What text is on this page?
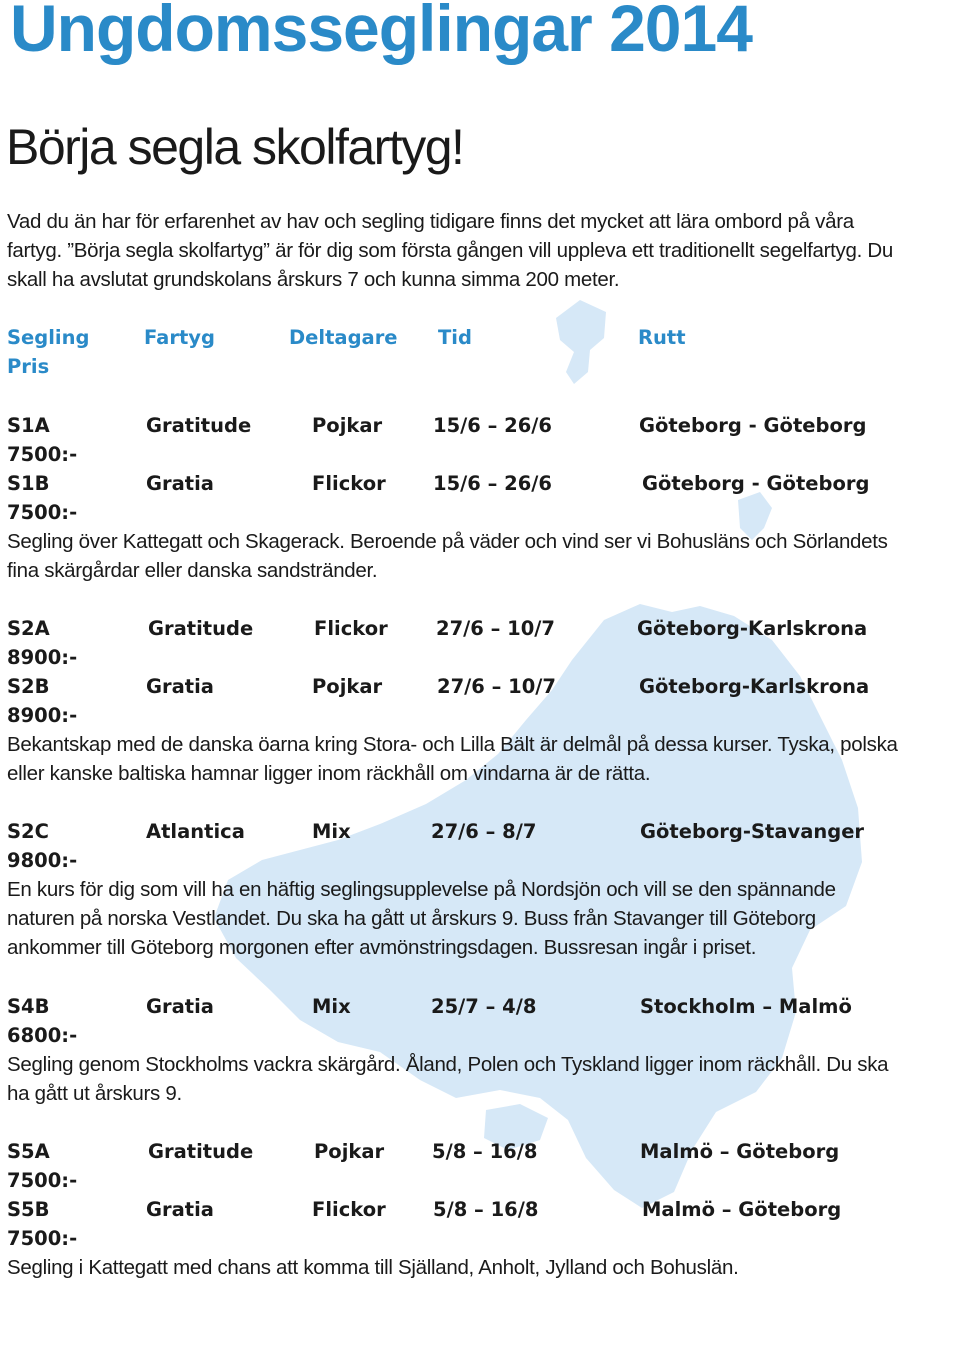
Ungdomsseglingar 2014
Börja segla skolfartyg!

Vad du än har för erfarenhet av hav och segling tidigare finns det mycket att lära ombord på våra fartyg. ”Börja segla skolfartyg” är för dig som första gången vill uppleva ett traditionellt segelfartyg. Du skall ha avslutat grundskolans årskurs 7 och kunna simma 200 meter.

Segling	Fartyg	Deltagare Tid	Rutt

Pris

S1A	Gratitude	Pojkar	15/6 – 26/6	Göteborg - Göteborg

7500:-

S1B	Gratia	Flickor 15/6 – 26/6	Göteborg - Göteborg

7500:-

Segling över Kattegatt och Skagerack. Beroende på väder och vind ser vi Bohusläns och Sörlandets fina skärgårdar eller danska sandstränder.

S2A	Gratitude	Flickor 27/6 – 10/7	Göteborg-Karlskrona

8900:-

S2B	Gratia	Pojkar	27/6 – 10/7	Göteborg-Karlskrona

8900:-

Bekantskap med de danska öarna kring Stora- och Lilla Bält är delmål på dessa kurser. Tyska, polska eller kanske baltiska hamnar ligger inom räckhåll om vindarna är de rätta.

S2C	Atlantica	Mix	27/6 – 8/7	Göteborg-Stavanger

9800:-

En kurs för dig som vill ha en häftig seglingsupplevelse på Nordsjön och vill se den spännande naturen på norska Vestlandet. Du ska ha gått ut årskurs 9. Buss från Stavanger till Göteborg ankommer till Göteborg morgonen efter avmönstringsdagen. Bussresan ingår i priset.

S4B	Gratia	Mix	25/7 – 4/8	Stockholm – Malmö

6800:-

Segling genom Stockholms vackra skärgård. Åland, Polen och Tyskland ligger inom räckhåll. Du ska ha gått ut årskurs 9.

S5A	Gratitude	Pojkar 5/8 – 16/8	Malmö – Göteborg

7500:-

S5B	Gratia	Flickor 5/8 – 16/8	Malmö – Göteborg

7500:-

Segling i Kattegatt med chans att komma till Själland, Anholt, Jylland och Bohuslän.
